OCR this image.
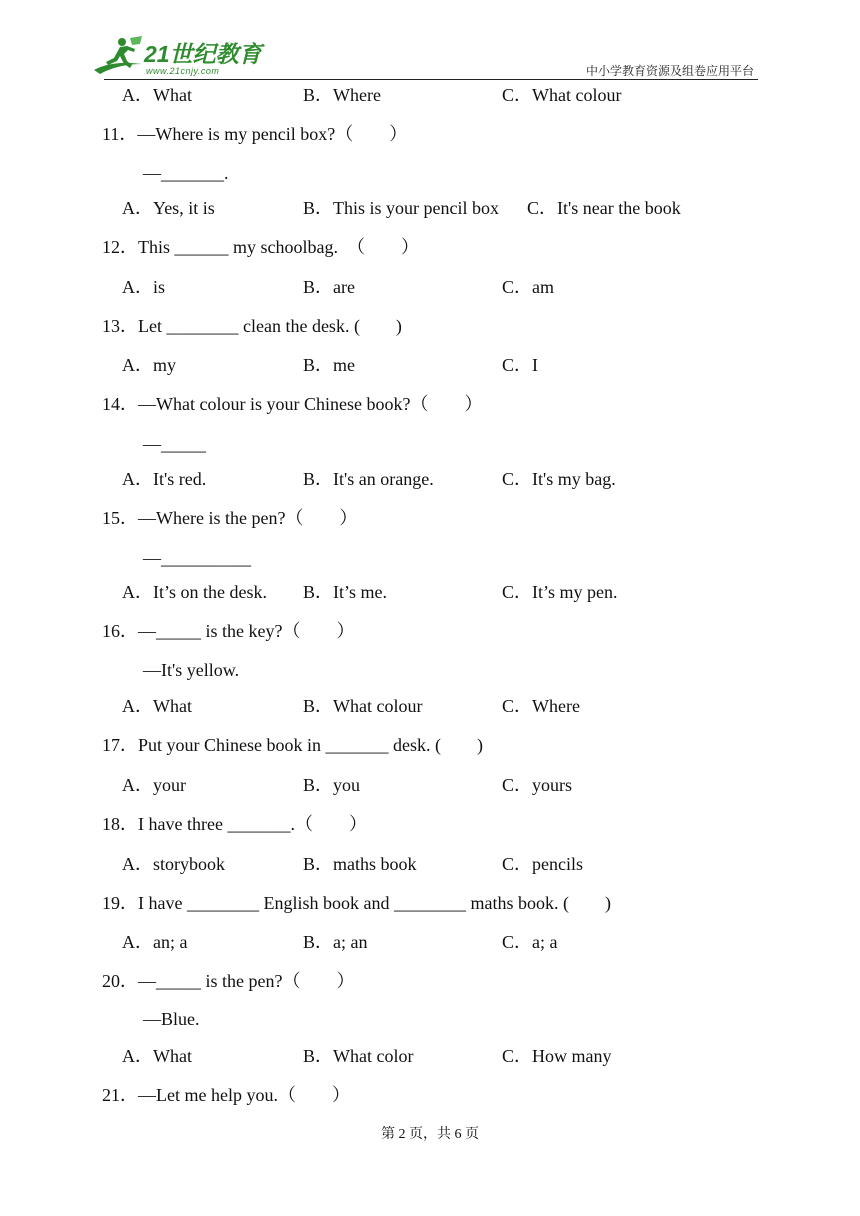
21世纪教育
www.21cnjy.com	中小学教育资源及组卷应用平台
A．What	B．Where	C．What colour
11．—Where is my pencil box?（　　）
—_______.
A．Yes, it is	B．This is your pencil box C．It's near the book
12．This ______ my schoolbag.　（　　）
A．is	B．are	C．am
13．Let ________ clean the desk. (　　)
A．my	B．me	C．I
14．—What colour is your Chinese book?（　　）
—_____
A．It's red.	B．It's an orange.	C．It's my bag.
15．—Where is the pen?（　　）
—__________
A．It’s on the desk. B．It’s me.	C．It’s my pen.
16．—_____ is the key?（　　）
—It's yellow.
A．What	B．What colour	C．Where
17．Put your Chinese book in _______ desk. (　　)
A．your	B．you	C．yours
18．I have three _______.（　　）
A．storybook	B．maths book	C．pencils
19．I have ________ English book and ________ maths book. (　　)
A．an; a	B．a; an	C．a; a
20．—_____ is the pen?（　　）
—Blue.
A．What	B．What color	C．How many
21．—Let me help you.（　　）
第 2 页，共 6 页
